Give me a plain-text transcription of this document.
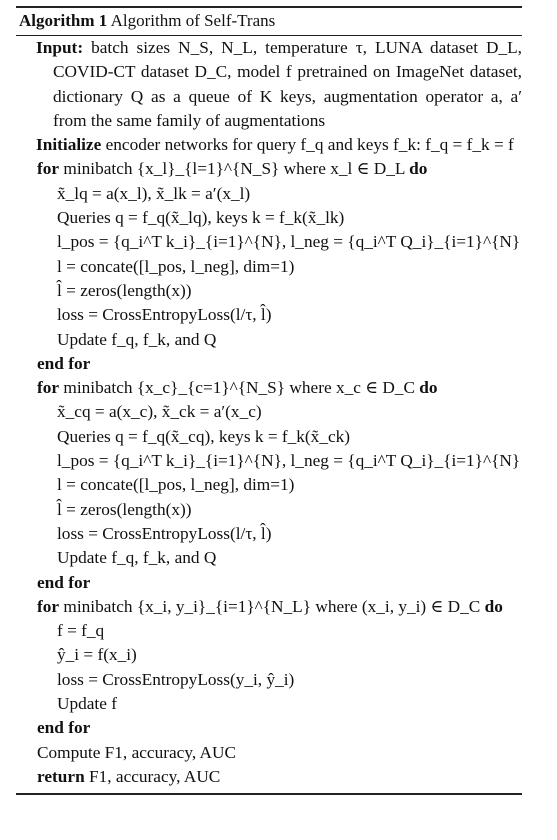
Algorithm 1 Algorithm of Self-Trans
Input: batch sizes N_S, N_L, temperature τ, LUNA dataset D_L, COVID-CT dataset D_C, model f pretrained on ImageNet dataset, dictionary Q as a queue of K keys, augmentation operator a, a′ from the same family of augmentations
Initialize encoder networks for query f_q and keys f_k: f_q = f_k = f
for minibatch {x_l}_{l=1}^{N_S} where x_l ∈ D_L do
x̃_lq = a(x_l), x̃_lk = a′(x_l)
Queries q = f_q(x̃_lq), keys k = f_k(x̃_lk)
l_pos = {q_i^T k_i}_{i=1}^{N}, l_neg = {q_i^T Q_i}_{i=1}^{N}
l = concate([l_pos, l_neg], dim=1)
l̂ = zeros(length(x))
loss = CrossEntropyLoss(l/τ, l̂)
Update f_q, f_k, and Q
end for
for minibatch {x_c}_{c=1}^{N_S} where x_c ∈ D_C do
x̃_cq = a(x_c), x̃_ck = a′(x_c)
Queries q = f_q(x̃_cq), keys k = f_k(x̃_ck)
l_pos = {q_i^T k_i}_{i=1}^{N}, l_neg = {q_i^T Q_i}_{i=1}^{N}
l = concate([l_pos, l_neg], dim=1)
l̂ = zeros(length(x))
loss = CrossEntropyLoss(l/τ, l̂)
Update f_q, f_k, and Q
end for
for minibatch {x_i, y_i}_{i=1}^{N_L} where (x_i, y_i) ∈ D_C do
f = f_q
ŷ_i = f(x_i)
loss = CrossEntropyLoss(y_i, ŷ_i)
Update f
end for
Compute F1, accuracy, AUC
return F1, accuracy, AUC
